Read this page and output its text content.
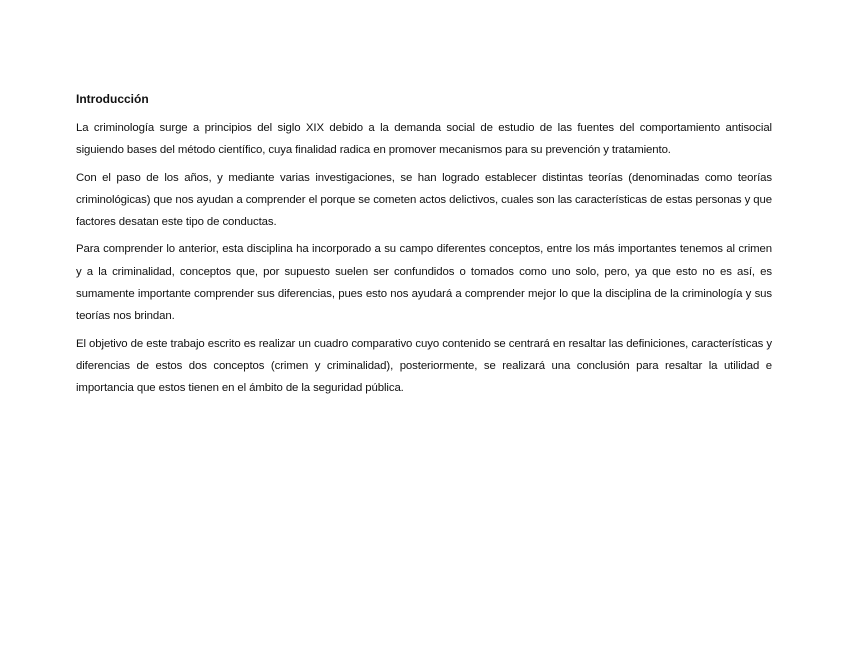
Introducción

La criminología surge a principios del siglo XIX debido a la demanda social de estudio de las fuentes del comportamiento antisocial siguiendo bases del método científico, cuya finalidad radica en promover mecanismos para su prevención y tratamiento.

Con el paso de los años, y mediante varias investigaciones, se han logrado establecer distintas teorías (denominadas como teorías criminológicas) que nos ayudan a comprender el porque se cometen actos delictivos, cuales son las características de estas personas y que factores desatan este tipo de conductas.

Para comprender lo anterior, esta disciplina ha incorporado a su campo diferentes conceptos, entre los más importantes tenemos al crimen y a la criminalidad, conceptos que, por supuesto suelen ser confundidos o tomados como uno solo, pero, ya que esto no es así, es sumamente importante comprender sus diferencias, pues esto nos ayudará a comprender mejor lo que la disciplina de la criminología y sus teorías nos brindan.

El objetivo de este trabajo escrito es realizar un cuadro comparativo cuyo contenido se centrará en resaltar las definiciones, características y diferencias de estos dos conceptos (crimen y criminalidad), posteriormente, se realizará una conclusión para resaltar la utilidad e importancia que estos tienen en el ámbito de la seguridad pública.
